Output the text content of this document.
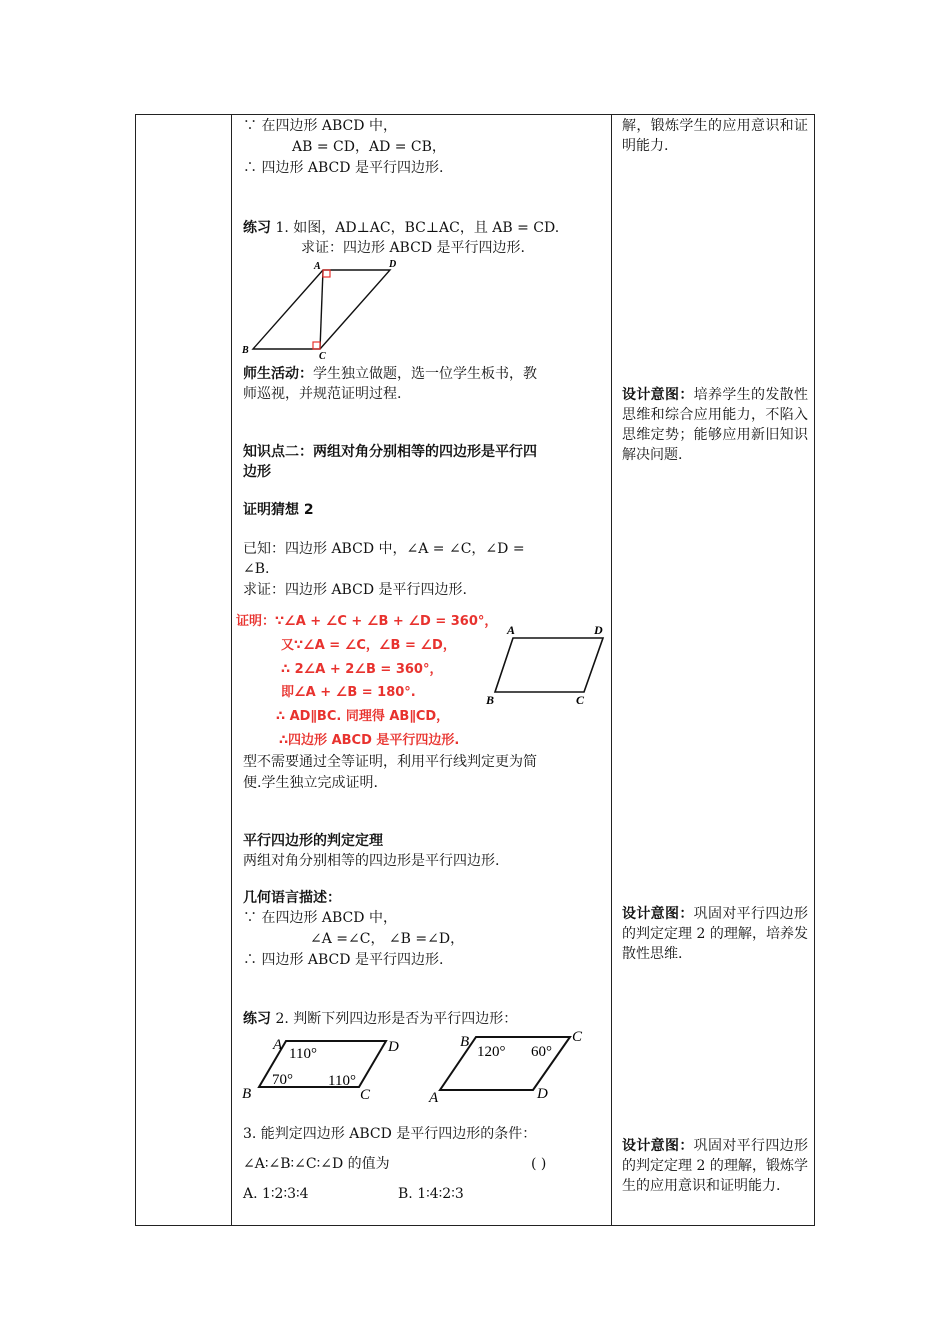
∵ 在四边形 ABCD 中，
AB = CD，AD = CB，
∴ 四边形 ABCD 是平行四边形.
练习 1. 如图，AD⊥AC，BC⊥AC，且 AB = CD.
求证：四边形 ABCD 是平行四边形.
A	D
B
C
师生活动：学生独立做题，选一位学生板书，教
师巡视，并规范证明过程.
知识点二：两组对角分别相等的四边形是平行四
边形
证明猜想 2
已知：四边形 ABCD 中，∠A = ∠C，∠D =
∠B.
求证：四边形 ABCD 是平行四边形.
证明：∵∠A + ∠C + ∠B + ∠D = 360°，
又∵∠A = ∠C，∠B = ∠D，
∴ 2∠A + 2∠B = 360°，
即∠A + ∠B = 180°.
∴ AD∥BC. 同理得 AB∥CD，
∴四边形 ABCD 是平行四边形.
A	D
B	C
型不需要通过全等证明，利用平行线判定更为简
便.学生独立完成证明.
平行四边形的判定定理
两组对角分别相等的四边形是平行四边形.
几何语言描述：
∵ 在四边形 ABCD 中，
∠A =∠C， ∠B =∠D，
∴ 四边形 ABCD 是平行四边形.
练习 2. 判断下列四边形是否为平行四边形：
A	D
B	C
110°
70° 110°
B	C
A	D
120° 60°
3. 能判定四边形 ABCD 是平行四边形的条件：
∠A∶∠B∶∠C∶∠D 的值为	( )
A. 1∶2∶3∶4	B. 1∶4∶2∶3
解，锻炼学生的应用意识和证明能力.
设计意图：培养学生的发散性思维和综合应用能力，不陷入思维定势；能够应用新旧知识解决问题.
设计意图：巩固对平行四边形的判定定理 2 的理解，培养发散性思维.
设计意图：巩固对平行四边形的判定定理 2 的理解，锻炼学生的应用意识和证明能力.
